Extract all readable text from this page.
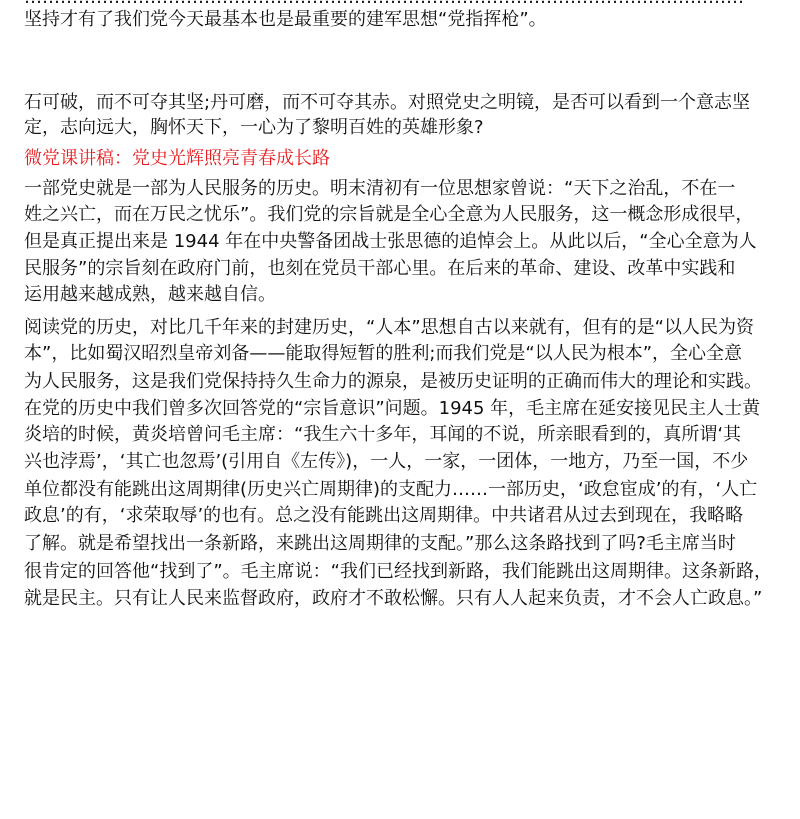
坚持才有了我们党今天最基本也是最重要的建军思想“党指挥枪”。
石可破，而不可夺其坚;丹可磨，而不可夺其赤。对照党史之明镜，是否可以看到一个意志坚
定，志向远大，胸怀天下，一心为了黎明百姓的英雄形象?
微党课讲稿：党史光辉照亮青春成长路
一部党史就是一部为人民服务的历史。明末清初有一位思想家曾说：“天下之治乱，不在一
姓之兴亡，而在万民之忧乐”。我们党的宗旨就是全心全意为人民服务，这一概念形成很早，
但是真正提出来是 1944 年在中央警备团战士张思德的追悼会上。从此以后，“全心全意为人
民服务”的宗旨刻在政府门前，也刻在党员干部心里。在后来的革命、建设、改革中实践和
运用越来越成熟，越来越自信。
阅读党的历史，对比几千年来的封建历史，“人本”思想自古以来就有，但有的是“以人民为资
本”，比如蜀汉昭烈皇帝刘备——能取得短暂的胜利;而我们党是“以人民为根本”，全心全意
为人民服务，这是我们党保持持久生命力的源泉，是被历史证明的正确而伟大的理论和实践。
在党的历史中我们曾多次回答党的“宗旨意识”问题。1945 年，毛主席在延安接见民主人士黄
炎培的时候，黄炎培曾问毛主席：“我生六十多年，耳闻的不说，所亲眼看到的，真所谓‘其
兴也浡焉’，‘其亡也忽焉’(引用自《左传》)，一人，一家，一团体，一地方，乃至一国，不少
单位都没有能跳出这周期律(历史兴亡周期律)的支配力……一部历史，‘政怠宦成’的有，‘人亡
政息’的有，‘求荣取辱’的也有。总之没有能跳出这周期律。中共诸君从过去到现在，我略略
了解。就是希望找出一条新路，来跳出这周期律的支配。”那么这条路找到了吗?毛主席当时
很肯定的回答他“找到了”。毛主席说：“我们已经找到新路，我们能跳出这周期律。这条新路，
就是民主。只有让人民来监督政府，政府才不敢松懈。只有人人起来负责，才不会人亡政息。”
